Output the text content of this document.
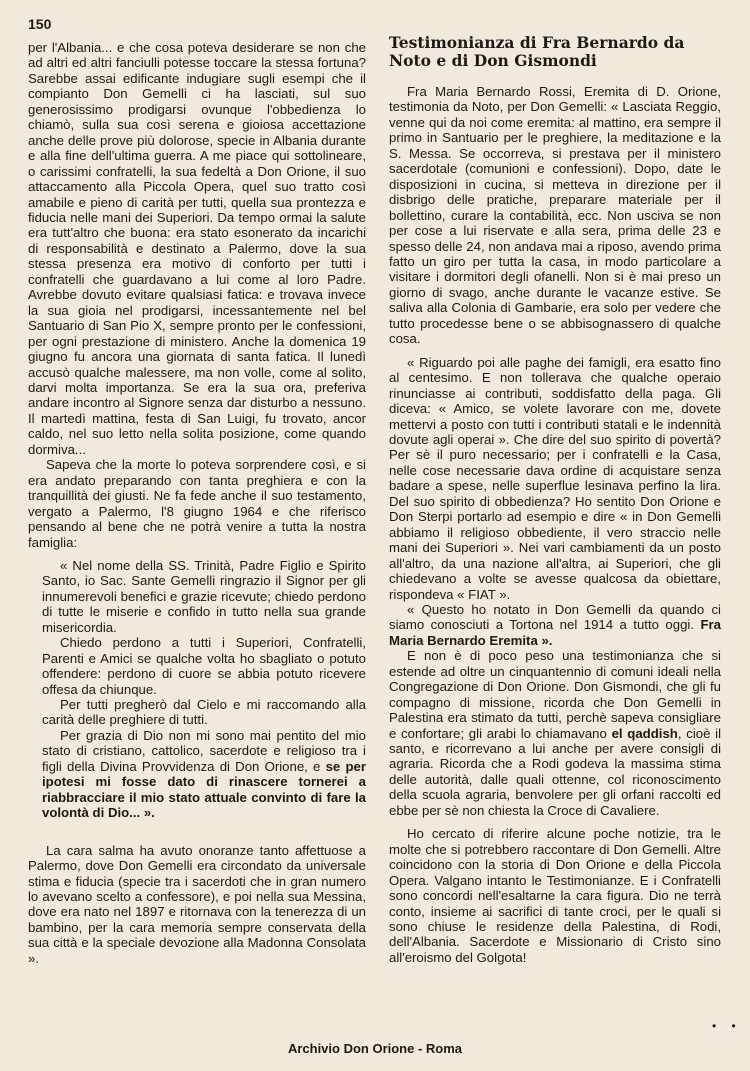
150

per l'Albania... e che cosa poteva desiderare se non che ad altri ed altri fanciulli potesse toccare la stessa fortuna? Sarebbe assai edificante indugiare sugli esempi che il compianto Don Gemelli ci ha lasciati, sul suo generosissimo prodigarsi ovunque l'obbedienza lo chiamò, sulla sua così serena e gioiosa accettazione anche delle prove più dolorose, specie in Albania durante e alla fine dell'ultima guerra. A me piace qui sottolineare, o carissimi confratelli, la sua fedeltà a Don Orione, il suo attaccamento alla Piccola Opera, quel suo tratto così amabile e pieno di carità per tutti, quella sua prontezza e fiducia nelle mani dei Superiori. Da tempo ormai la salute era tutt'altro che buona: era stato esonerato da incarichi di responsabilità e destinato a Palermo, dove la sua stessa presenza era motivo di conforto per tutti i confratelli che guardavano a lui come al loro Padre. Avrebbe dovuto evitare qualsiasi fatica: e trovava invece la sua gioia nel prodigarsi, incessantemente nel bel Santuario di San Pio X, sempre pronto per le confessioni, per ogni prestazione di ministero. Anche la domenica 19 giugno fu ancora una giornata di santa fatica. Il lunedì accusò qualche malessere, ma non volle, come al solito, darvi molta importanza. Se era la sua ora, preferiva andare incontro al Signore senza dar disturbo a nessuno. Il martedì mattina, festa di San Luigi, fu trovato, ancor caldo, nel suo letto nella solita posizione, come quando dormiva...

Sapeva che la morte lo poteva sorprendere così, e si era andato preparando con tanta preghiera e con la tranquillità dei giusti. Ne fa fede anche il suo testamento, vergato a Palermo, l'8 giugno 1964 e che riferisco pensando al bene che ne potrà venire a tutta la nostra famiglia:

« Nel nome della SS. Trinità, Padre Figlio e Spirito Santo, io Sac. Sante Gemelli ringrazio il Signor per gli innumerevoli benefici e grazie ricevute; chiedo perdono di tutte le miserie e confido in tutto nella sua grande misericordia.

Chiedo perdono a tutti i Superiori, Confratelli, Parenti e Amici se qualche volta ho sbagliato o potuto offendere: perdono di cuore se abbia potuto ricevere offesa da chiunque.

Per tutti pregherò dal Cielo e mi raccomando alla carità delle preghiere di tutti.

Per grazia di Dio non mi sono mai pentito del mio stato di cristiano, cattolico, sacerdote e religioso tra i figli della Divina Provvidenza di Don Orione, e se per ipotesi mi fosse dato di rinascere tornerei a riabbracciare il mio stato attuale convinto di fare la volontà di Dio... ».

La cara salma ha avuto onoranze tanto affettuose a Palermo, dove Don Gemelli era circondato da universale stima e fiducia (specie tra i sacerdoti che in gran numero lo avevano scelto a confessore), e poi nella sua Messina, dove era nato nel 1897 e ritornava con la tenerezza di un bambino, per la cara memoria sempre conservata della sua città e la speciale devozione alla Madonna Consolata ».

Testimonianza di Fra Bernardo da Noto e di Don Gismondi

Fra Maria Bernardo Rossi, Eremita di D. Orione, testimonia da Noto, per Don Gemelli: « Lasciata Reggio, venne qui da noi come eremita: al mattino, era sempre il primo in Santuario per le preghiere, la meditazione e la S. Messa. Se occorreva, si prestava per il ministero sacerdotale (comunioni e confessioni). Dopo, date le disposizioni in cucina, si metteva in direzione per il disbrigo delle pratiche, preparare materiale per il bollettino, curare la contabilità, ecc. Non usciva se non per cose a lui riservate e alla sera, prima delle 23 e spesso delle 24, non andava mai a riposo, avendo prima fatto un giro per tutta la casa, in modo particolare a visitare i dormitori degli ofanelli. Non si è mai preso un giorno di svago, anche durante le vacanze estive. Se saliva alla Colonia di Gambarie, era solo per vedere che tutto procedesse bene o se abbisognassero di qualche cosa.

« Riguardo poi alle paghe dei famigli, era esatto fino al centesimo. E non tollerava che qualche operaio rinunciasse ai contributi, soddisfatto della paga. Gli diceva: « Amico, se volete lavorare con me, dovete mettervi a posto con tutti i contributi statali e le indennità dovute agli operai ». Che dire del suo spirito di povertà? Per sè il puro necessario; per i confratelli e la Casa, nelle cose necessarie dava ordine di acquistare senza badare a spese, nelle superflue lesinava perfino la lira. Del suo spirito di obbedienza? Ho sentito Don Orione e Don Sterpi portarlo ad esempio e dire « in Don Gemelli abbiamo il religioso obbediente, il vero straccio nelle mani dei Superiori ». Nei vari cambiamenti da un posto all'altro, da una nazione all'altra, ai Superiori, che gli chiedevano a volte se avesse qualcosa da obiettare, rispondeva « FIAT ».

« Questo ho notato in Don Gemelli da quando ci siamo conosciuti a Tortona nel 1914 a tutto oggi. Fra Maria Bernardo Eremita ».

E non è di poco peso una testimonianza che si estende ad oltre un cinquantennio di comuni ideali nella Congregazione di Don Orione. Don Gismondi, che gli fu compagno di missione, ricorda che Don Gemelli in Palestina era stimato da tutti, perchè sapeva consigliare e confortare; gli arabi lo chiamavano el qaddish, cioè il santo, e ricorrevano a lui anche per avere consigli di agraria. Ricorda che a Rodi godeva la massima stima delle autorità, dalle quali ottenne, col riconoscimento della scuola agraria, benvolere per gli orfani raccolti ed ebbe per sè non chiesta la Croce di Cavaliere.

Ho cercato di riferire alcune poche notizie, tra le molte che si potrebbero raccontare di Don Gemelli. Altre coincidono con la storia di Don Orione e della Piccola Opera. Valgano intanto le Testimonianze. E i Confratelli sono concordi nell'esaltarne la cara figura. Dio ne terrà conto, insieme ai sacrifici di tante croci, per le quali si sono chiuse le residenze della Palestina, di Rodi, dell'Albania. Sacerdote e Missionario di Cristo sino all'eroismo del Golgota!

• •
Archivio Don Orione - Roma
